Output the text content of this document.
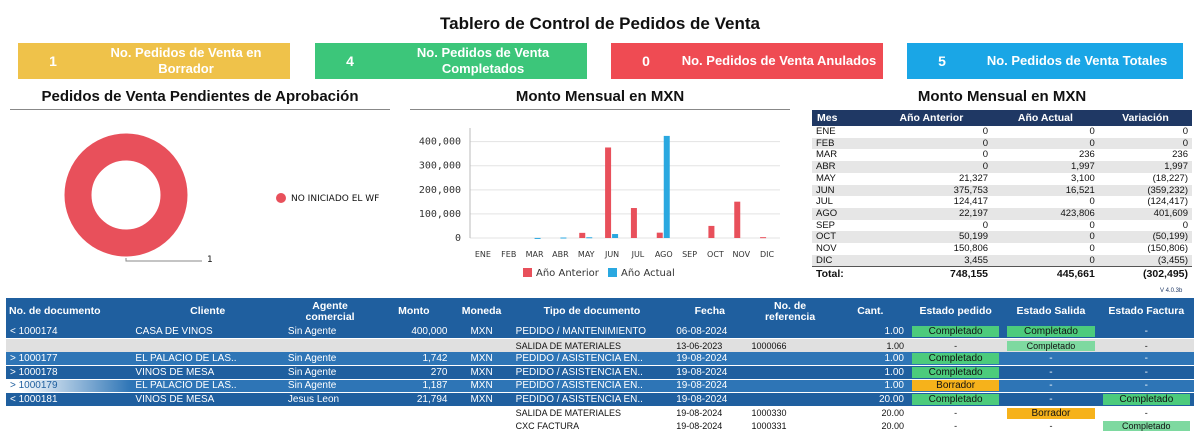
Tablero de Control de Pedidos de Venta
1
No. Pedidos de Venta en Borrador	4
No. Pedidos de Venta Completados	0	No. Pedidos de Venta Anulados	5	No. Pedidos de Venta Totales
Pedidos de Venta Pendientes de Aprobación	Monto Mensual en MXN	Monto Mensual en MXN
1
NO INICIADO EL WF
400,000
300,000
200,000
100,000
0
ENE FEB MAR ABR MAY JUN JUL AGO SEP OCT NOV DIC
Año Anterior Año Actual
Mes	Año Anterior	Año Actual	Variación
ENE	0	0	0
FEB	0	0	0
MAR	0	236	236
ABR	0	1,997	1,997
MAY	21,327	3,100	(18,227)
JUN	375,753	16,521	(359,232)
JUL	124,417	0	(124,417)
AGO	22,197	423,806	401,609
SEP	0	0	0
OCT	50,199	0	(50,199)
NOV	150,806	0	(150,806)
DIC	3,455	0	(3,455)
Total:	748,155	445,661	(302,495)
V 4.0.3b
No. de documento	Cliente	Agente comercial	Monto	Moneda	Tipo de documento	Fecha	No. de referencia	Cant.	Estado pedido	Estado Salida	Estado Factura
< 1000174	CASA DE VINOS	Sin Agente	400,000	MXN	PEDIDO / MANTENIMIENTO	06-08-2024		1.00	Completado	Completado	-
					SALIDA DE MATERIALES	13-06-2023	1000066	1.00	-	Completado	-
> 1000177	EL PALACIO DE LAS..	Sin Agente	1,742	MXN	PEDIDO / ASISTENCIA EN..	19-08-2024		1.00	Completado	-	-
> 1000178	VINOS DE MESA	Sin Agente	270	MXN	PEDIDO / ASISTENCIA EN..	19-08-2024		1.00	Completado	-	-
> 1000179	EL PALACIO DE LAS..	Sin Agente	1,187	MXN	PEDIDO / ASISTENCIA EN..	19-08-2024		1.00	Borrador	-	-
< 1000181	VINOS DE MESA	Jesus Leon	21,794	MXN	PEDIDO / ASISTENCIA EN..	19-08-2024		20.00	Completado	-	Completado
					SALIDA DE MATERIALES	19-08-2024	1000330	20.00	-	Borrador	-
					CXC FACTURA	19-08-2024	1000331	20.00	-	-	Completado
